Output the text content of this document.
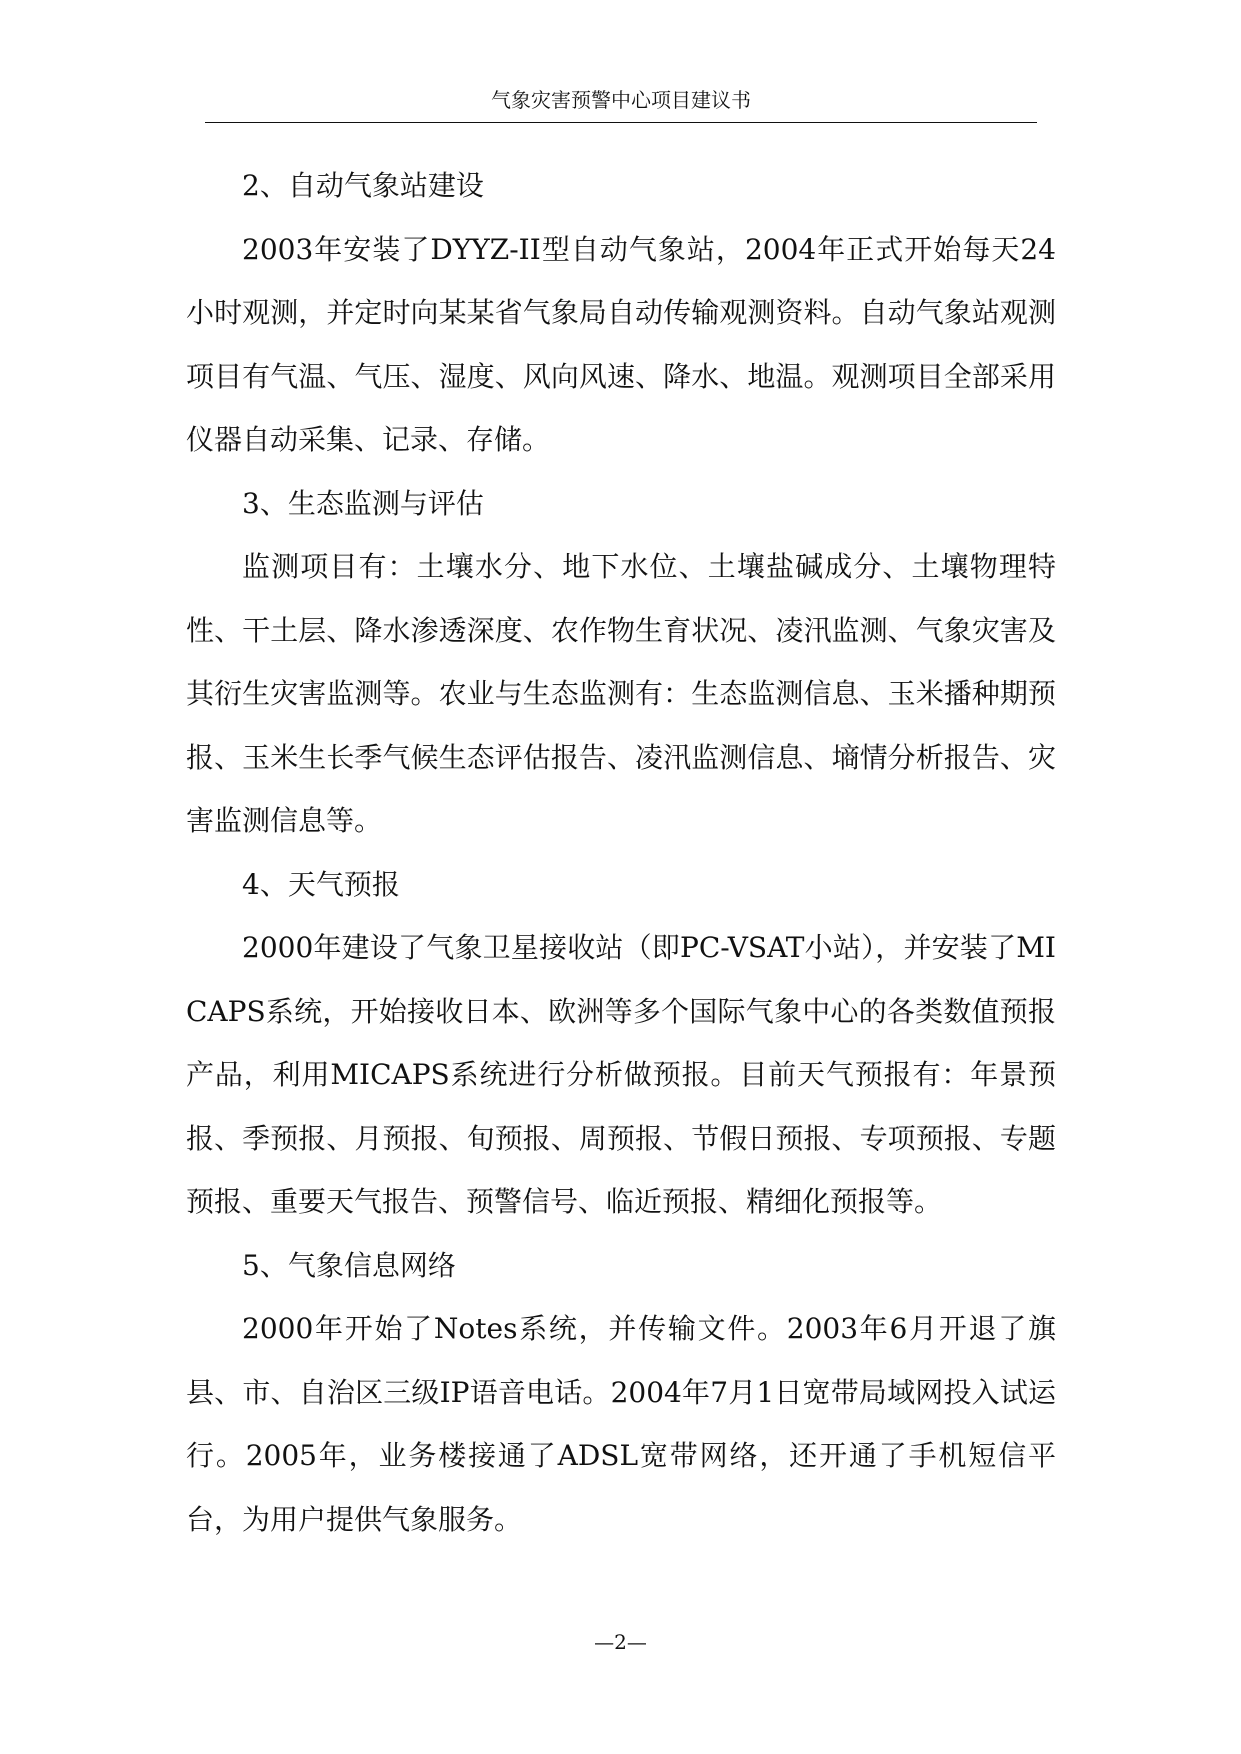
气象灾害预警中心项目建议书

2、自动气象站建设

2003年安装了DYYZ-II型自动气象站，2004年正式开始每天24小时观测，并定时向某某省气象局自动传输观测资料。自动气象站观测项目有气温、气压、湿度、风向风速、降水、地温。观测项目全部采用仪器自动采集、记录、存储。

3、生态监测与评估

监测项目有：土壤水分、地下水位、土壤盐碱成分、土壤物理特性、干土层、降水渗透深度、农作物生育状况、凌汛监测、气象灾害及其衍生灾害监测等。农业与生态监测有：生态监测信息、玉米播种期预报、玉米生长季气候生态评估报告、凌汛监测信息、墒情分析报告、灾害监测信息等。

4、天气预报

2000年建设了气象卫星接收站（即PC-VSAT小站），并安装了MICAPS系统，开始接收日本、欧洲等多个国际气象中心的各类数值预报产品，利用MICAPS系统进行分析做预报。目前天气预报有：年景预报、季预报、月预报、旬预报、周预报、节假日预报、专项预报、专题预报、重要天气报告、预警信号、临近预报、精细化预报等。

5、气象信息网络

2000年开始了Notes系统，并传输文件。2003年6月开退了旗县、市、自治区三级IP语音电话。2004年7月1日宽带局域网投入试运行。2005年，业务楼接通了ADSL宽带网络，还开通了手机短信平台，为用户提供气象服务。

—2—
